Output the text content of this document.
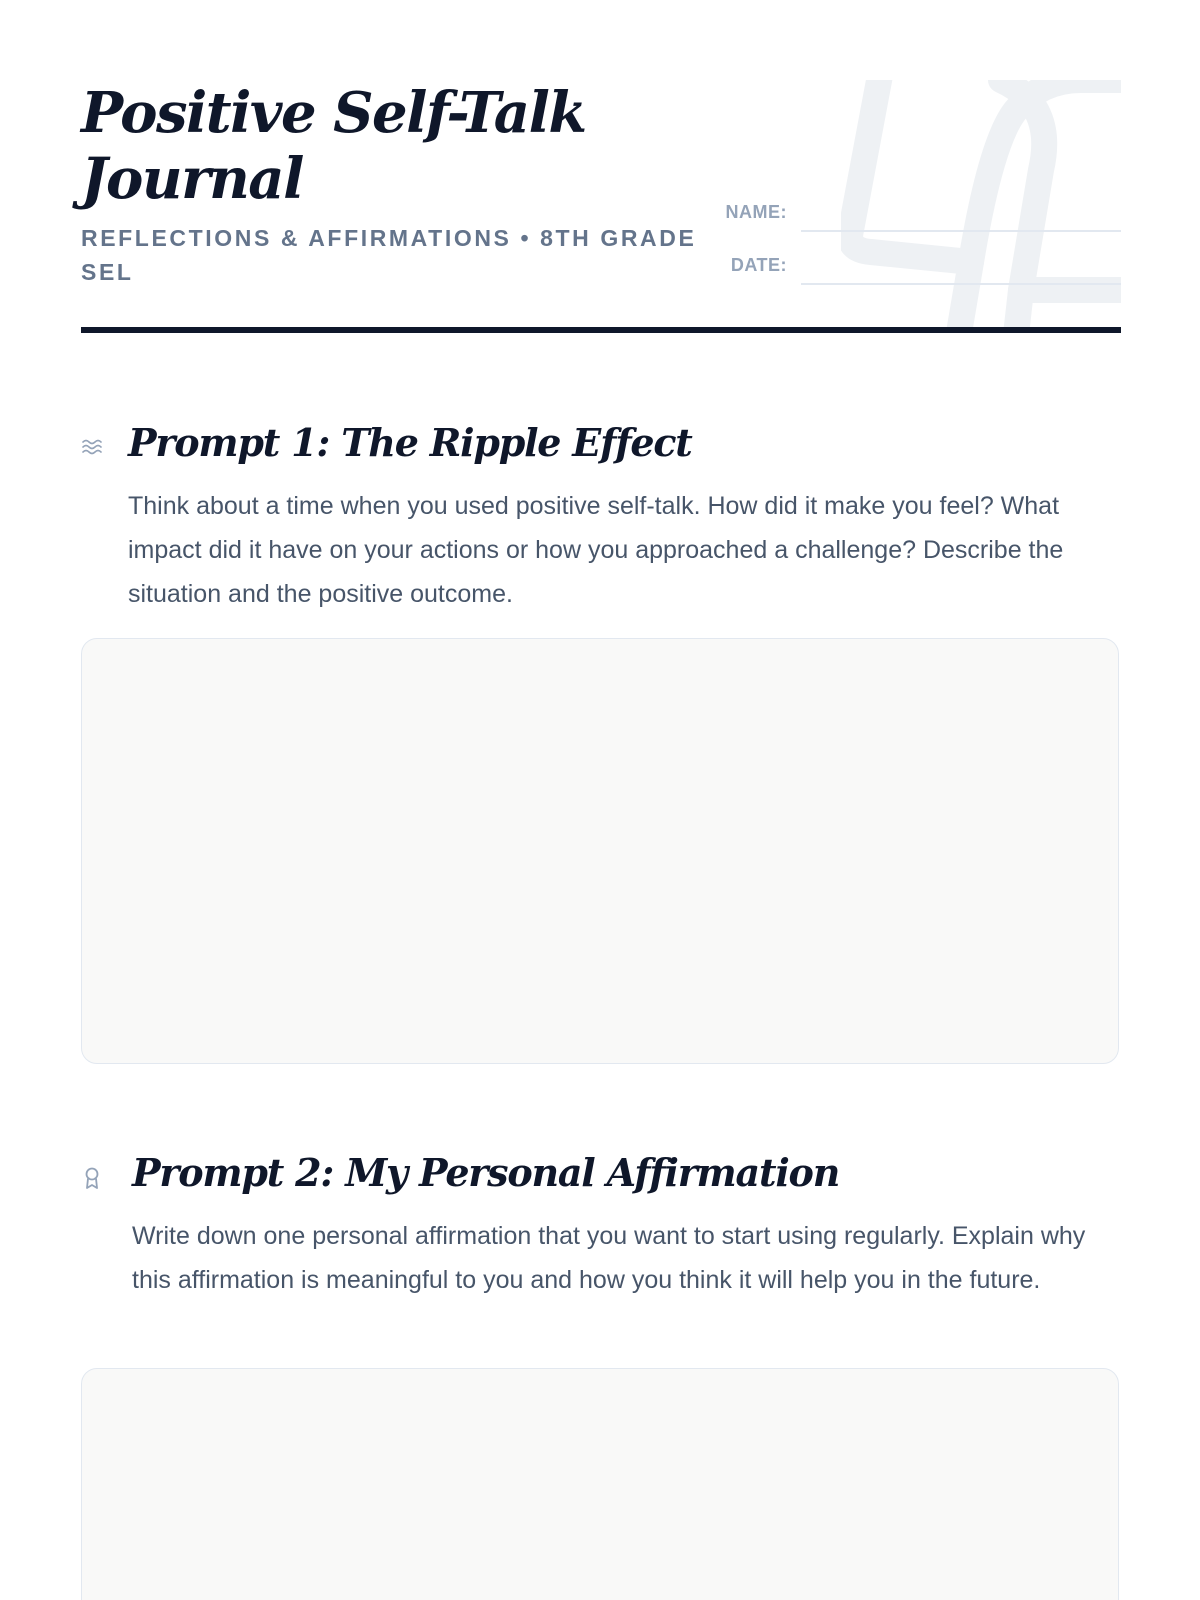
Positive Self-Talk Journal
REFLECTIONS & AFFIRMATIONS • 8TH GRADE SEL
NAME:
DATE:
Prompt 1: The Ripple Effect

Think about a time when you used positive self-talk. How did it make you feel? What impact did it have on your actions or how you approached a challenge? Describe the situation and the positive outcome.

Prompt 2: My Personal Affirmation

Write down one personal affirmation that you want to start using regularly. Explain why this affirmation is meaningful to you and how you think it will help you in the future.
